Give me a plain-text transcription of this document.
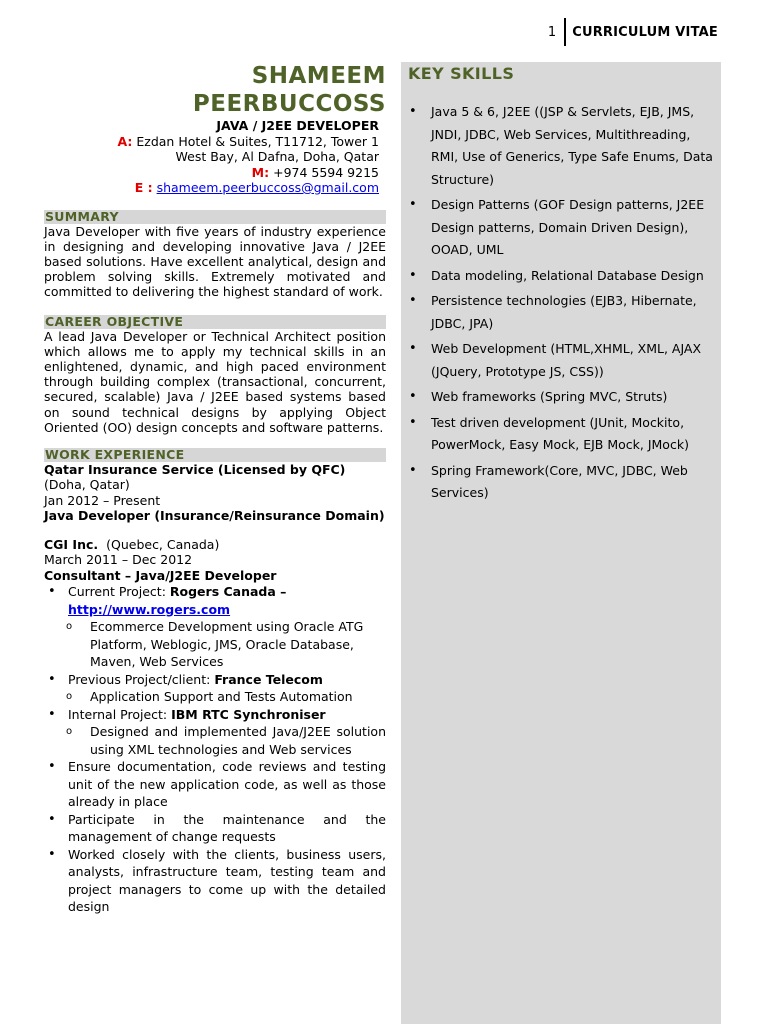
1 CURRICULUM VITAE
SHAMEEM
PEERBUCCOSS
JAVA / J2EE DEVELOPER
A: Ezdan Hotel & Suites, T11712, Tower 1
West Bay, Al Dafna, Doha, Qatar
M: +974 5594 9215
E : shameem.peerbuccoss@gmail.com
SUMMARY
Java Developer with five years of industry experience in designing and developing innovative Java / J2EE based solutions. Have excellent analytical, design and problem solving skills. Extremely motivated and committed to delivering the highest standard of work.
CAREER OBJECTIVE
A lead Java Developer or Technical Architect position which allows me to apply my technical skills in an enlightened, dynamic, and high paced environment through building complex (transactional, concurrent, secured, scalable) Java / J2EE based systems based on sound technical designs by applying Object Oriented (OO) design concepts and software patterns.
WORK EXPERIENCE
Qatar Insurance Service (Licensed by QFC)
(Doha, Qatar)
Jan 2012 – Present
Java Developer (Insurance/Reinsurance Domain)
CGI Inc. (Quebec, Canada)
March 2011 – Dec 2012
Consultant – Java/J2EE Developer
• Current Project: Rogers Canada –
http://www.rogers.com
o Ecommerce Development using Oracle ATG Platform, Weblogic, JMS, Oracle Database, Maven, Web Services
• Previous Project/client: France Telecom
o Application Support and Tests Automation
• Internal Project: IBM RTC Synchroniser
o Designed and implemented Java/J2EE solution using XML technologies and Web services
• Ensure documentation, code reviews and testing unit of the new application code, as well as those already in place
• Participate in the maintenance and the management of change requests
• Worked closely with the clients, business users, analysts, infrastructure team, testing team and project managers to come up with the detailed design
KEY SKILLS
• Java 5 & 6, J2EE ((JSP & Servlets, EJB, JMS, JNDI, JDBC, Web Services, Multithreading, RMI, Use of Generics, Type Safe Enums, Data Structure)
• Design Patterns (GOF Design patterns, J2EE Design patterns, Domain Driven Design), OOAD, UML
• Data modeling, Relational Database Design
• Persistence technologies (EJB3, Hibernate, JDBC, JPA)
• Web Development (HTML,XHML, XML, AJAX (JQuery, Prototype JS, CSS))
• Web frameworks (Spring MVC, Struts)
• Test driven development (JUnit, Mockito, PowerMock, Easy Mock, EJB Mock, JMock)
• Spring Framework(Core, MVC, JDBC, Web Services)
